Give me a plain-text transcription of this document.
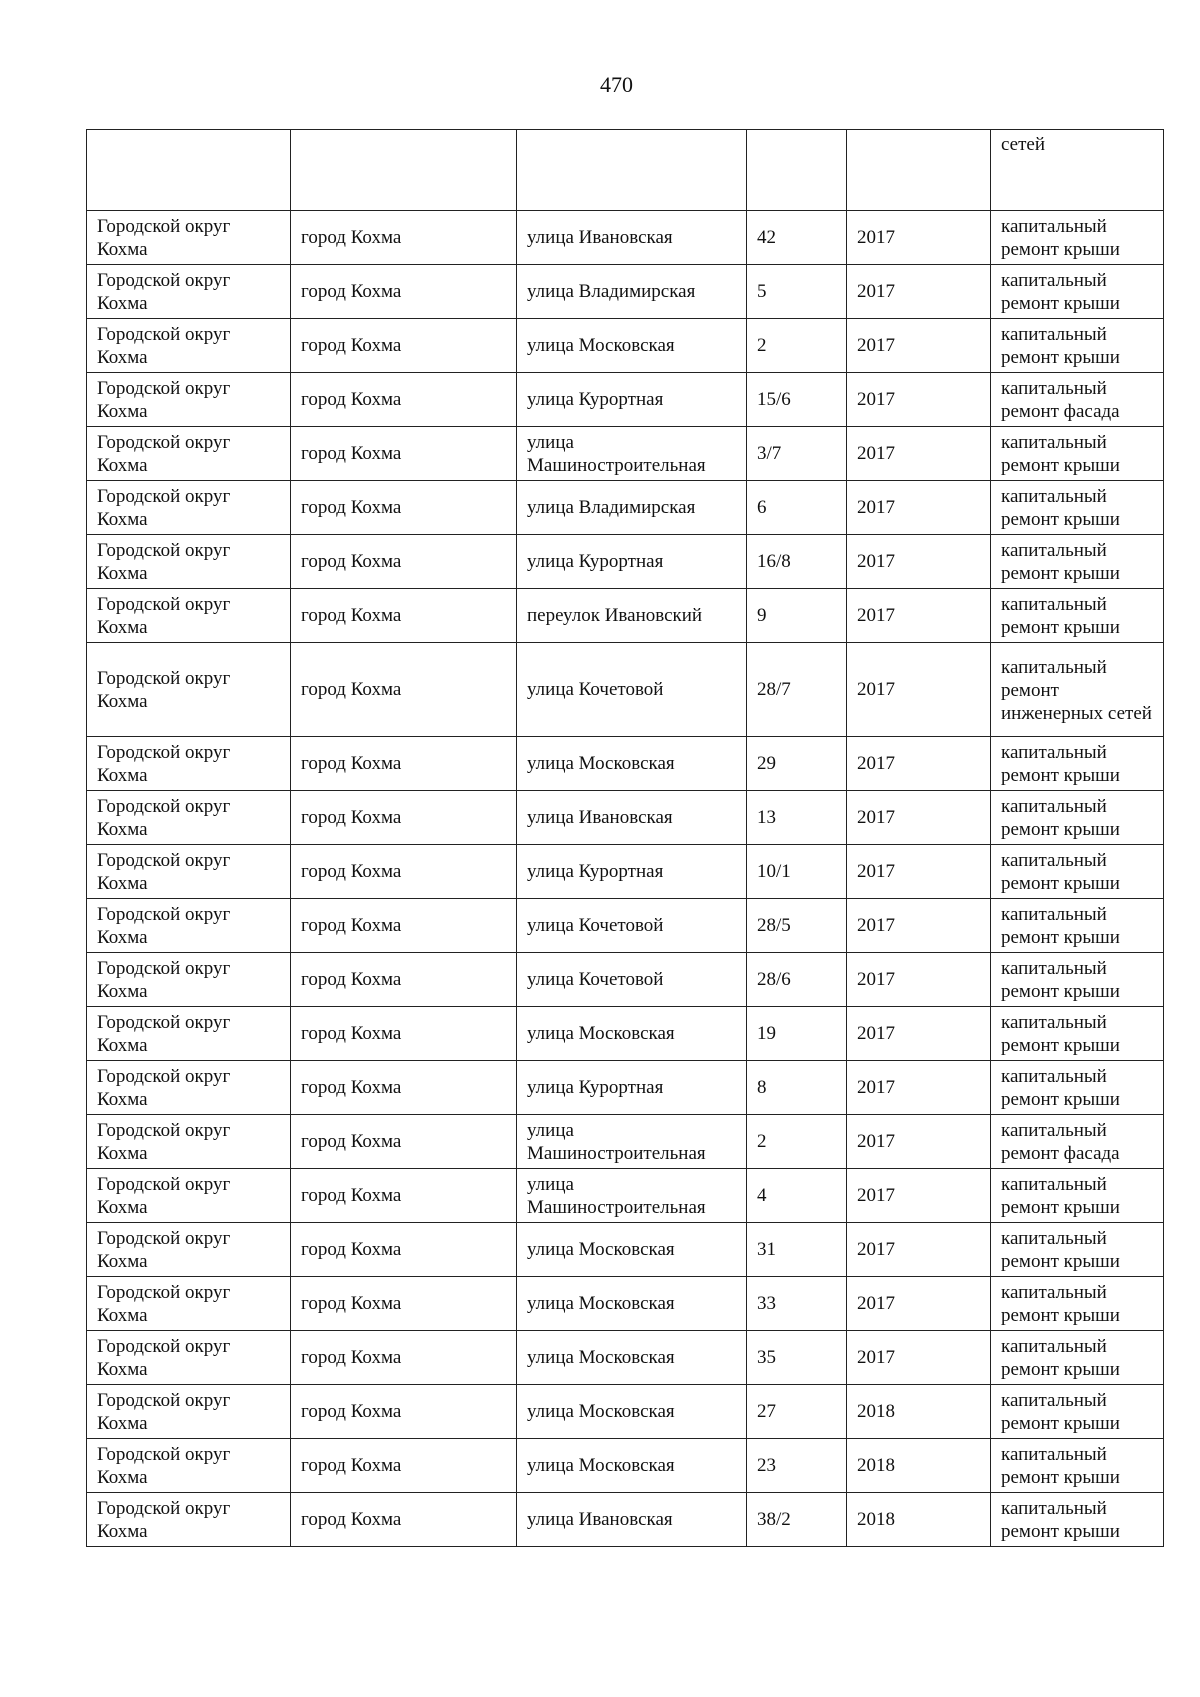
470
					сетей
Городской округ Кохма	город Кохма	улица Ивановская	42	2017	капитальный ремонт крыши
Городской округ Кохма	город Кохма	улица Владимирская	5	2017	капитальный ремонт крыши
Городской округ Кохма	город Кохма	улица Московская	2	2017	капитальный ремонт крыши
Городской округ Кохма	город Кохма	улица Курортная	15/6	2017	капитальный ремонт фасада
Городской округ Кохма	город Кохма	улица Машиностроительная	3/7	2017	капитальный ремонт крыши
Городской округ Кохма	город Кохма	улица Владимирская	6	2017	капитальный ремонт крыши
Городской округ Кохма	город Кохма	улица Курортная	16/8	2017	капитальный ремонт крыши
Городской округ Кохма	город Кохма	переулок Ивановский	9	2017	капитальный ремонт крыши
Городской округ Кохма	город Кохма	улица Кочетовой	28/7	2017	капитальный ремонт инженерных сетей
Городской округ Кохма	город Кохма	улица Московская	29	2017	капитальный ремонт крыши
Городской округ Кохма	город Кохма	улица Ивановская	13	2017	капитальный ремонт крыши
Городской округ Кохма	город Кохма	улица Курортная	10/1	2017	капитальный ремонт крыши
Городской округ Кохма	город Кохма	улица Кочетовой	28/5	2017	капитальный ремонт крыши
Городской округ Кохма	город Кохма	улица Кочетовой	28/6	2017	капитальный ремонт крыши
Городской округ Кохма	город Кохма	улица Московская	19	2017	капитальный ремонт крыши
Городской округ Кохма	город Кохма	улица Курортная	8	2017	капитальный ремонт крыши
Городской округ Кохма	город Кохма	улица Машиностроительная	2	2017	капитальный ремонт фасада
Городской округ Кохма	город Кохма	улица Машиностроительная	4	2017	капитальный ремонт крыши
Городской округ Кохма	город Кохма	улица Московская	31	2017	капитальный ремонт крыши
Городской округ Кохма	город Кохма	улица Московская	33	2017	капитальный ремонт крыши
Городской округ Кохма	город Кохма	улица Московская	35	2017	капитальный ремонт крыши
Городской округ Кохма	город Кохма	улица Московская	27	2018	капитальный ремонт крыши
Городской округ Кохма	город Кохма	улица Московская	23	2018	капитальный ремонт крыши
Городской округ Кохма	город Кохма	улица Ивановская	38/2	2018	капитальный ремонт крыши
